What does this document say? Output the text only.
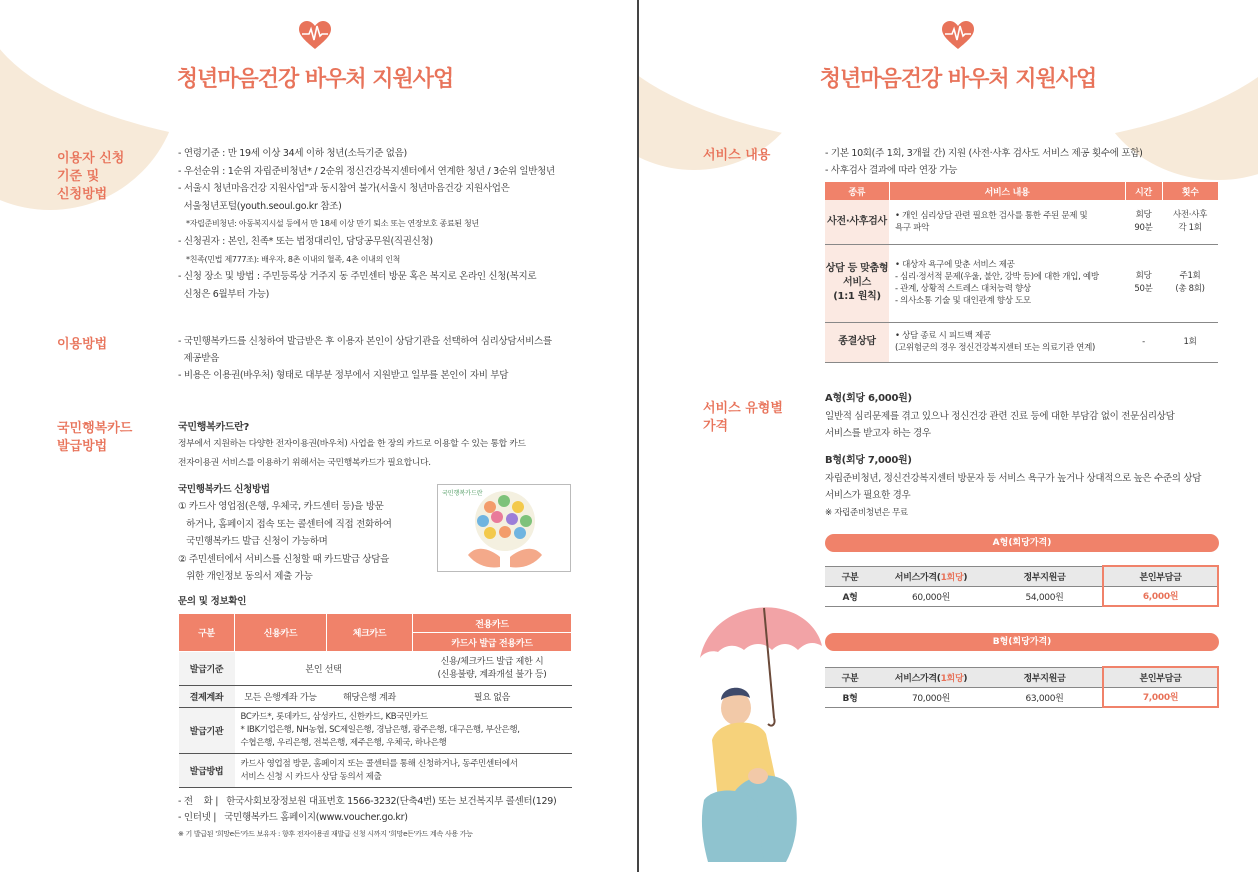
청년마음건강 바우처 지원사업
이용자 신청
기준 및
신청방법
- 연령기준 : 만 19세 이상 34세 이하 청년(소득기준 없음)
- 우선순위 : 1순위 자립준비청년* / 2순위 정신건강복지센터에서 연계한 청년 / 3순위 일반청년
- 서울시 청년마음건강 지원사업"과 동시참여 불가(서울시 청년마음건강 지원사업은
서울청년포털(youth.seoul.go.kr 참조)
*자립준비청년: 아동복지시설 등에서 만 18세 이상 만기 퇴소 또는 연장보호 종료된 청년
- 신청권자 : 본인, 친족* 또는 법정대리인, 담당공무원(직권신청)
*친족(민법 제777조): 배우자, 8촌 이내의 혈족, 4촌 이내의 인척
- 신청 장소 및 방법 : 주민등록상 거주지 동 주민센터 방문 혹은 복지로 온라인 신청(복지로
신청은 6월부터 가능)
이용방법	- 국민행복카드를 신청하여 발급받은 후 이용자 본인이 상담기관을 선택하여 심리상담서비스를
제공받음
- 비용은 이용권(바우처) 형태로 대부분 정부에서 지원받고 일부를 본인이 자비 부담
국민행복카드
발급방법
국민행복카드란?
정부에서 지원하는 다양한 전자이용권(바우처) 사업을 한 장의 카드로 이용할 수 있는 통합 카드
전자이용권 서비스를 이용하기 위해서는 국민행복카드가 필요합니다.
국민행복카드 신청방법
① 카드사 영업점(은행, 우체국, 카드센터 등)을 방문
하거나, 홈페이지 접속 또는 콜센터에 직접 전화하여
국민행복카드 발급 신청이 가능하며
② 주민센터에서 서비스를 신청할 때 카드발급 상담을
위한 개인정보 동의서 제출 가능
국민행복카드란
문의 및 정보확인
구분	신용카드	체크카드	전용카드
			카드사 발급 전용카드
발급기준	본인 선택		신용/체크카드 발급 제한 시
(신용불량, 계좌개설 불가 등)
결제계좌	모든 은행계좌 가능	해당은행 계좌	필요 없음
발급기관	BC카드*, 롯데카드, 삼성카드, 신한카드, KB국민카드
* IBK기업은행, NH농협, SC제일은행, 경남은행, 광주은행, 대구은행, 부산은행,
수협은행, 우리은행, 전북은행, 제주은행, 우체국, 하나은행		
발급방법	카드사 영업점 방문, 홈페이지 또는 콜센터를 통해 신청하거나, 동주민센터에서
서비스 신청 시 카드사 상담 동의서 제출		
- 전    화 |   한국사회보장정보원 대표번호 1566-3232(단축4번) 또는 보건복지부 콜센터(129)
- 인터넷 |   국민행복카드 홈페이지(www.voucher.go.kr)
※ 기 발급된 '희망e든'카드 보유자 : 향후 전자이용권 재발급 신청 시까지 '희망e든'카드 계속 사용 가능
청년마음건강 바우처 지원사업
서비스 내용	- 기본 10회(주 1회, 3개월 간) 지원 (사전·사후 검사도 서비스 제공 횟수에 포함)
- 사후검사 결과에 따라 연장 가능
종류	서비스 내용	시간	횟수
사전·사후검사	• 개인 심리상담 관련 필요한 검사를 통한 주된 문제 및
욕구 파악	회당
90분	사전·사후
각 1회
상담 등 맞춤형
서비스
(1:1 원칙)	• 대상자 욕구에 맞춘 서비스 제공
- 심리·정서적 문제(우울, 불안, 강박 등)에 대한 개입, 예방
- 관계, 상황적 스트레스 대처능력 향상
- 의사소통 기술 및 대인관계 향상 도모	회당
50분	주1회
(총 8회)
종결상담	• 상담 종료 시 피드백 제공
(고위험군의 경우 정신건강복지센터 또는 의료기관 연계)	-	1회
서비스 유형별
가격
A형(회당 6,000원)
일반적 심리문제를 겪고 있으나 정신건강 관련 진료 등에 대한 부담감 없이 전문심리상담
서비스를 받고자 하는 경우
B형(회당 7,000원)
자립준비청년, 정신건강복지센터 방문자 등 서비스 욕구가 높거나 상대적으로 높은 수준의 상담
서비스가 필요한 경우
※ 자립준비청년은 무료
A형(회당가격)
구분	서비스가격(1회당)	정부지원금	본인부담금
A형	60,000원	54,000원	6,000원
B형(회당가격)
구분	서비스가격(1회당)	정부지원금	본인부담금
B형	70,000원	63,000원	7,000원
